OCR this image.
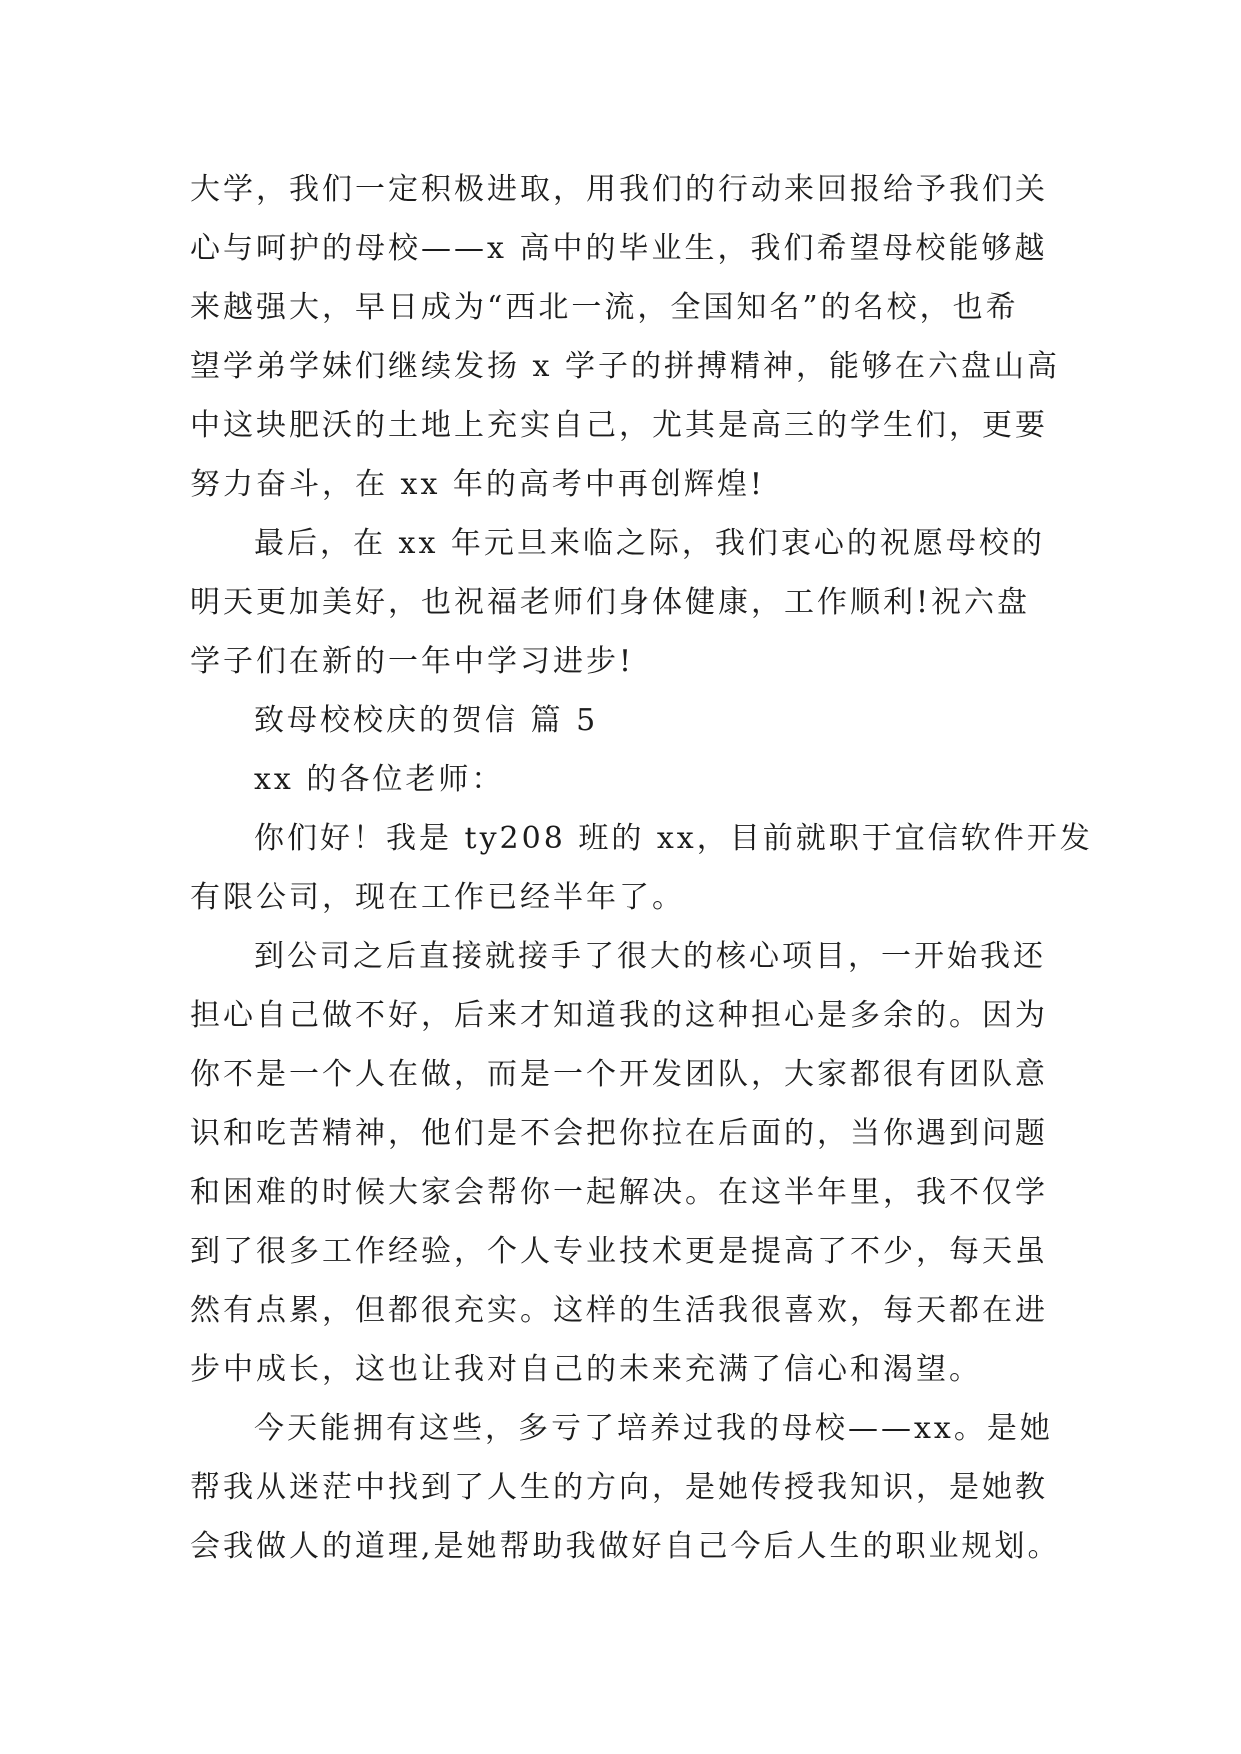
大学，我们一定积极进取，用我们的行动来回报给予我们关
心与呵护的母校——x 高中的毕业生，我们希望母校能够越
来越强大，早日成为“西北一流，全国知名”的名校，也希
望学弟学妹们继续发扬 x 学子的拼搏精神，能够在六盘山高
中这块肥沃的土地上充实自己，尤其是高三的学生们，更要
努力奋斗，在 xx 年的高考中再创辉煌!
最后，在 xx 年元旦来临之际，我们衷心的祝愿母校的
明天更加美好，也祝福老师们身体健康，工作顺利!祝六盘
学子们在新的一年中学习进步!
致母校校庆的贺信 篇 5
xx 的各位老师：
你们好！我是 ty208 班的 xx，目前就职于宜信软件开发
有限公司，现在工作已经半年了。
到公司之后直接就接手了很大的核心项目，一开始我还
担心自己做不好，后来才知道我的这种担心是多余的。因为
你不是一个人在做，而是一个开发团队，大家都很有团队意
识和吃苦精神，他们是不会把你拉在后面的，当你遇到问题
和困难的时候大家会帮你一起解决。在这半年里，我不仅学
到了很多工作经验，个人专业技术更是提高了不少，每天虽
然有点累，但都很充实。这样的生活我很喜欢，每天都在进
步中成长，这也让我对自己的未来充满了信心和渴望。
今天能拥有这些，多亏了培养过我的母校——xx。是她
帮我从迷茫中找到了人生的方向，是她传授我知识，是她教
会我做人的道理,是她帮助我做好自己今后人生的职业规划。
